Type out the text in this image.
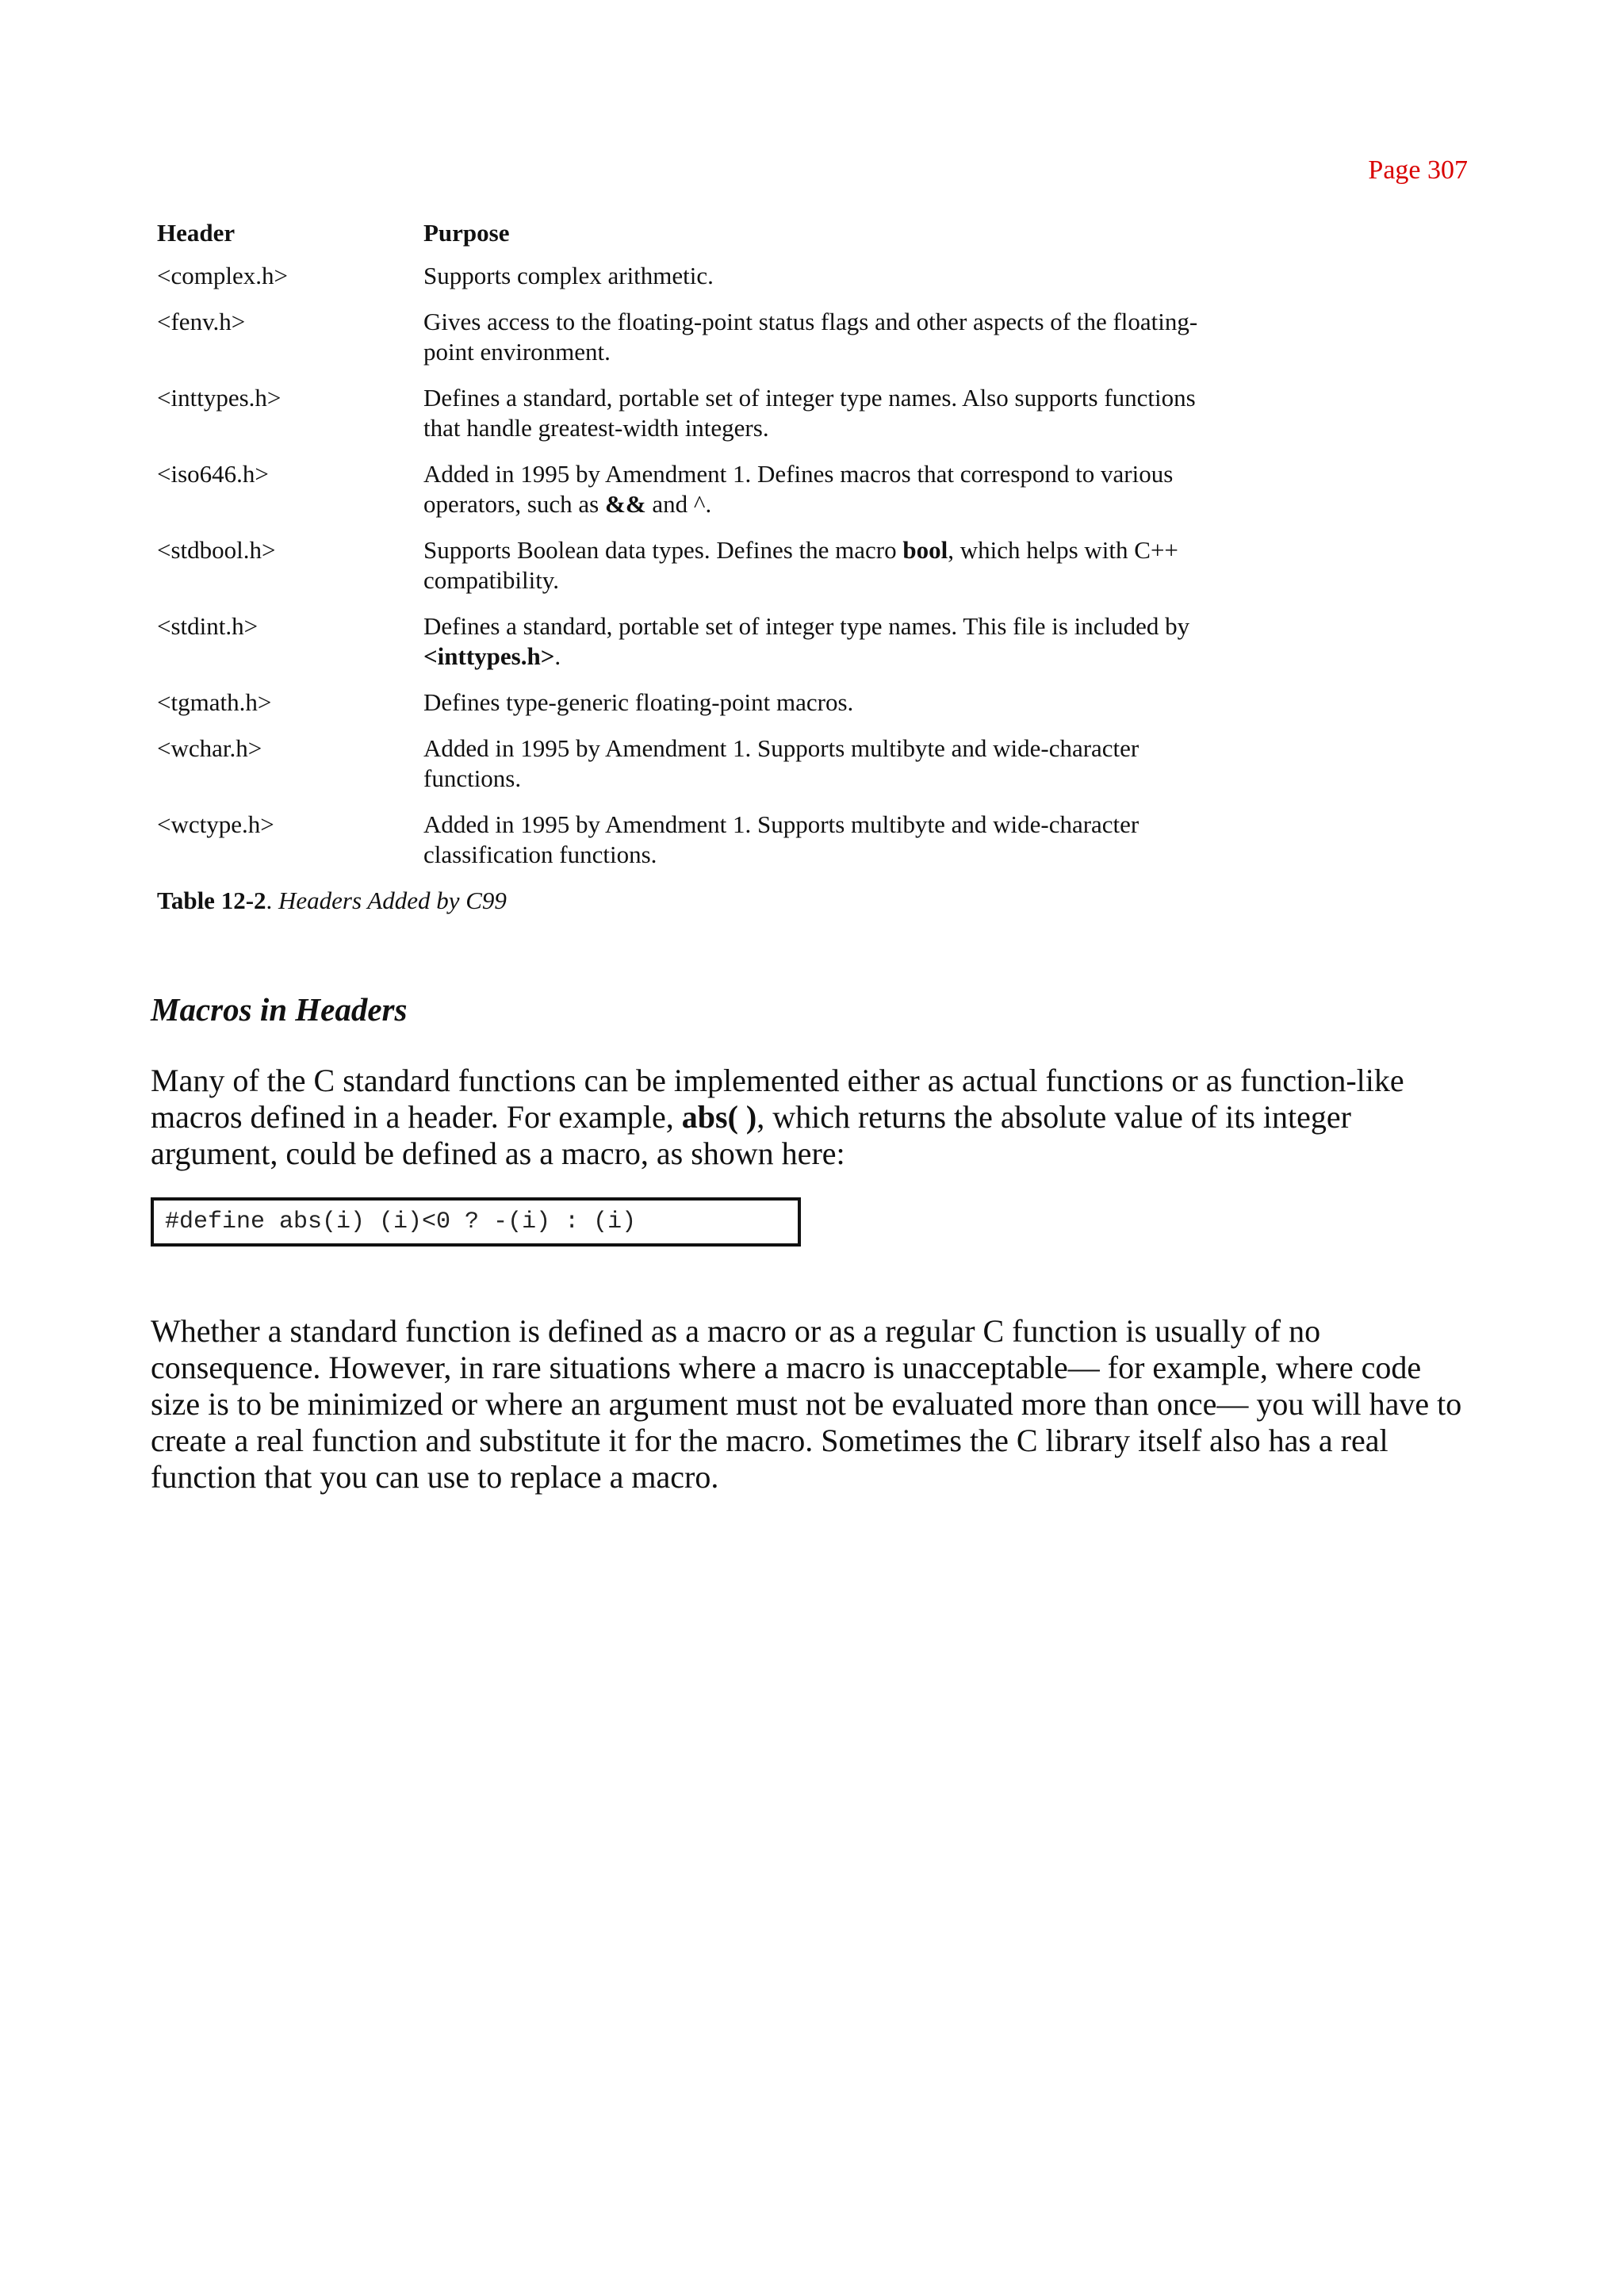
Page 307
Header	Purpose
<complex.h>	Supports complex arithmetic.
<fenv.h>	Gives access to the floating-point status flags and other aspects of the floating-point environment.
<inttypes.h>	Defines a standard, portable set of integer type names. Also supports functions that handle greatest-width integers.
<iso646.h>	Added in 1995 by Amendment 1. Defines macros that correspond to various operators, such as && and ^.
<stdbool.h>	Supports Boolean data types. Defines the macro bool, which helps with C++ compatibility.
<stdint.h>	Defines a standard, portable set of integer type names. This file is included by <inttypes.h>.
<tgmath.h>	Defines type-generic floating-point macros.
<wchar.h>	Added in 1995 by Amendment 1. Supports multibyte and wide-character functions.
<wctype.h>	Added in 1995 by Amendment 1. Supports multibyte and wide-character classification functions.
Table 12-2. Headers Added by C99
Macros in Headers
Many of the C standard functions can be implemented either as actual functions or as function-like macros defined in a header. For example, abs( ), which returns the absolute value of its integer argument, could be defined as a macro, as shown here:
#define abs(i) (i)<0 ? -(i) : (i)
Whether a standard function is defined as a macro or as a regular C function is usually of no consequence. However, in rare situations where a macro is unacceptable— for example, where code size is to be minimized or where an argument must not be evaluated more than once— you will have to create a real function and substitute it for the macro. Sometimes the C library itself also has a real function that you can use to replace a macro.
